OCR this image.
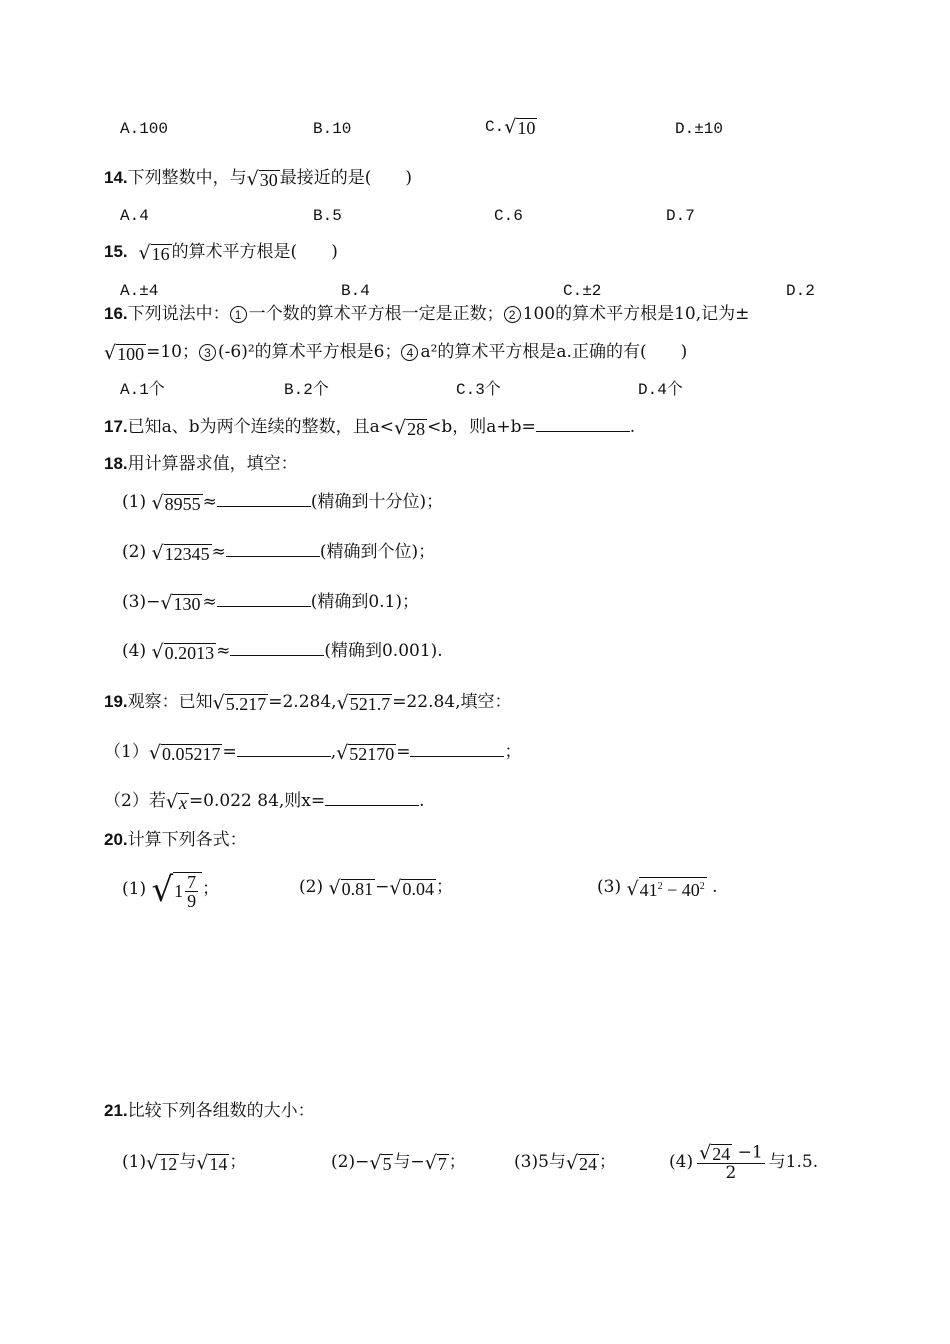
A.100	B.10	C. √ 10	D.±10
14.下列整数中，与 √ 30 最接近的是(　　)
A.4	B.5	C.6	D.7
15. √ 16 的算术平方根是(　　)
A.±4	B.4	C.±2	D.2
16.下列说法中： 1 一个数的算术平方根一定是正数； 2 100的算术平方根是10,记为±
√ 100 =10； 3 (-6)²的算术平方根是6； 4 a²的算术平方根是a.正确的有(　　)
A.1个	B.2个	C.3个	D.4个
17.已知a、b为两个连续的整数，且a< √ 28 <b，则a+b=	.
18.用计算器求值，填空：
(1) √ 8955 ≈	(精确到十分位)；
(2) √ 12345 ≈	(精确到个位)；
(3)− √ 130 ≈	(精确到0.1)；
(4) √ 0.2013 ≈	(精确到0.001).
19.观察：已知 √ 5.217 =2.284, √ 521.7 =22.84,填空：
（1） √ 0.05217 =	, √ 52170 =	；
（2）若 √ x =0.022 84,则x=	.
20.计算下列各式：
(1) √ $1 \frac{7}{9}$ ；	(2) √ 0.81 − √ 0.04 ；	(3) √ $41^2 - 40^2$ .
21.比较下列各组数的大小：
(1) √ 12 与 √ 14 ；	(2)− √ 5 与− √ 7 ；	(3)5与 √ 24 ；	$(4) \frac{√ 24 -1}{2}$ 与1.5.
